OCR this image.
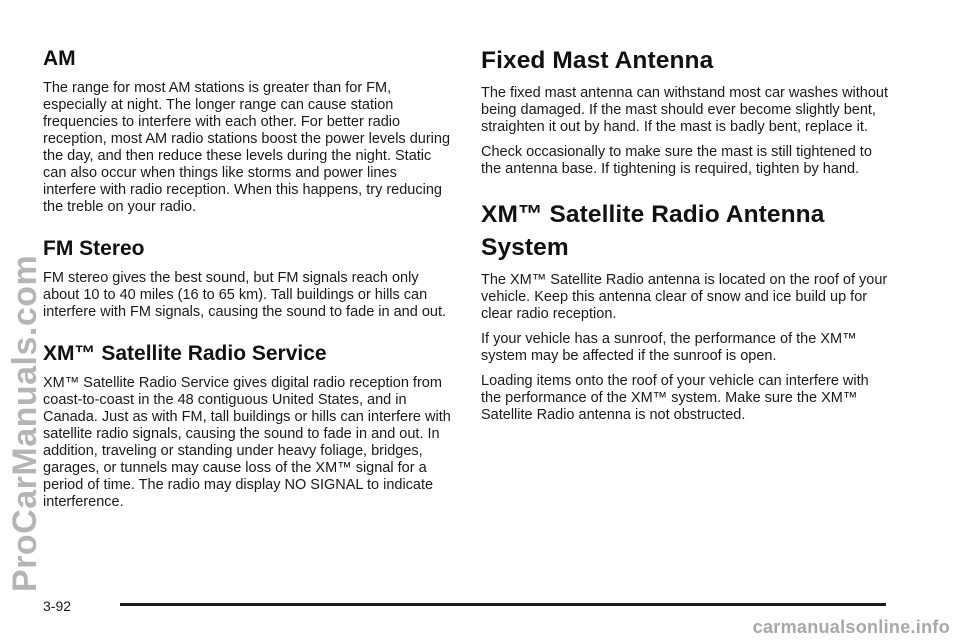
ProCarManuals.com
AM

The range for most AM stations is greater than for FM, especially at night. The longer range can cause station frequencies to interfere with each other. For better radio reception, most AM radio stations boost the power levels during the day, and then reduce these levels during the night. Static can also occur when things like storms and power lines interfere with radio reception. When this happens, try reducing the treble on your radio.

FM Stereo

FM stereo gives the best sound, but FM signals reach only about 10 to 40 miles (16 to 65 km). Tall buildings or hills can interfere with FM signals, causing the sound to fade in and out.

XM™ Satellite Radio Service

XM™ Satellite Radio Service gives digital radio reception from coast-to-coast in the 48 contiguous United States, and in Canada. Just as with FM, tall buildings or hills can interfere with satellite radio signals, causing the sound to fade in and out. In addition, traveling or standing under heavy foliage, bridges, garages, or tunnels may cause loss of the XM™ signal for a period of time. The radio may display NO SIGNAL to indicate interference.

Fixed Mast Antenna

The fixed mast antenna can withstand most car washes without being damaged. If the mast should ever become slightly bent, straighten it out by hand. If the mast is badly bent, replace it.

Check occasionally to make sure the mast is still tightened to the antenna base. If tightening is required, tighten by hand.

XM™ Satellite Radio Antenna System

The XM™ Satellite Radio antenna is located on the roof of your vehicle. Keep this antenna clear of snow and ice build up for clear radio reception.

If your vehicle has a sunroof, the performance of the XM™ system may be affected if the sunroof is open.

Loading items onto the roof of your vehicle can interfere with the performance of the XM™ system. Make sure the XM™ Satellite Radio antenna is not obstructed.

3-92
carmanualsonline.info
